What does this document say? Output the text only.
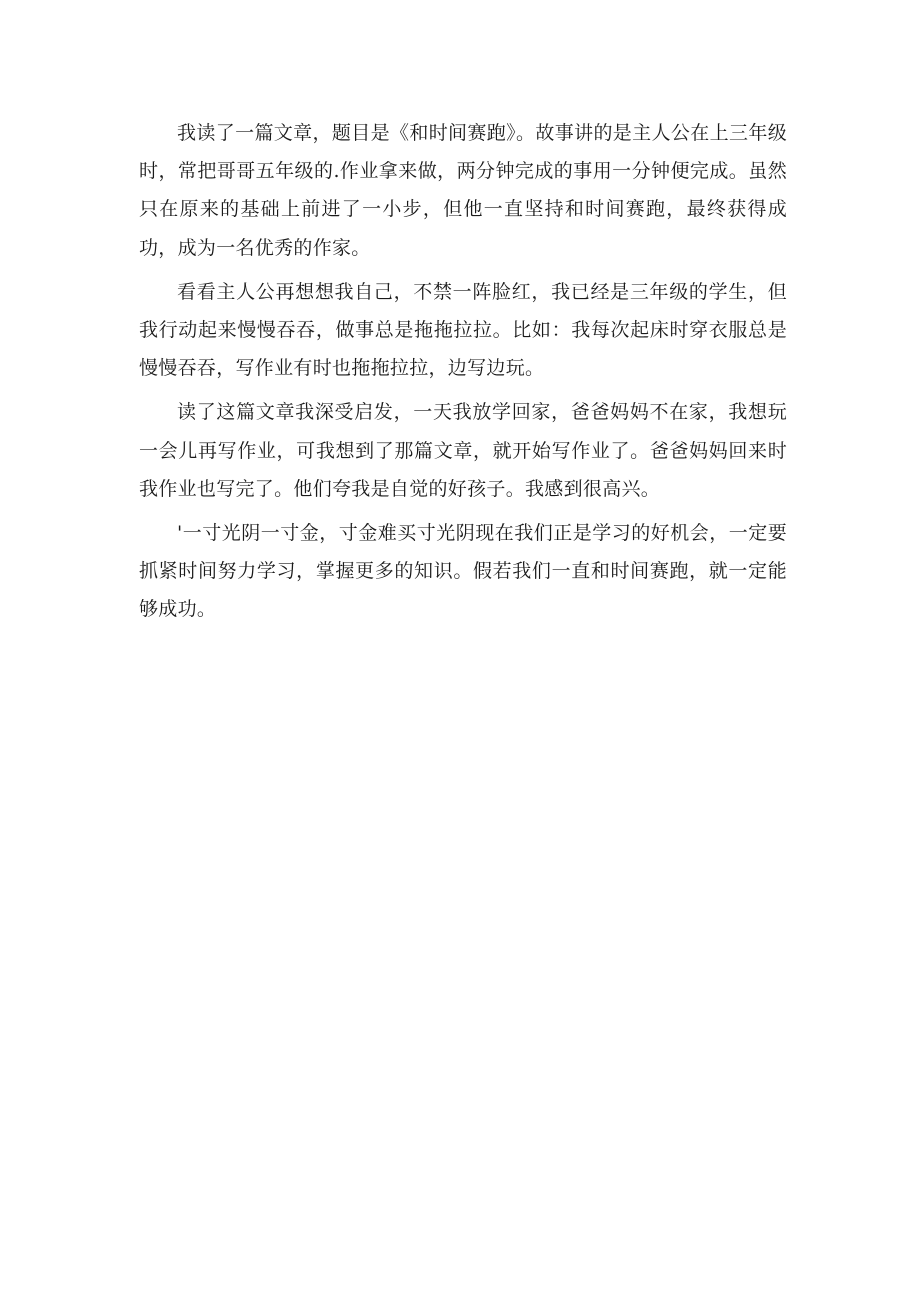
我读了一篇文章，题目是《和时间赛跑》。故事讲的是主人公在上三年级时，常把哥哥五年级的.作业拿来做，两分钟完成的事用一分钟便完成。虽然只在原来的基础上前进了一小步，但他一直坚持和时间赛跑，最终获得成功，成为一名优秀的作家。

看看主人公再想想我自己，不禁一阵脸红，我已经是三年级的学生，但我行动起来慢慢吞吞，做事总是拖拖拉拉。比如：我每次起床时穿衣服总是慢慢吞吞，写作业有时也拖拖拉拉，边写边玩。

读了这篇文章我深受启发，一天我放学回家，爸爸妈妈不在家，我想玩一会儿再写作业，可我想到了那篇文章，就开始写作业了。爸爸妈妈回来时我作业也写完了。他们夸我是自觉的好孩子。我感到很高兴。

'一寸光阴一寸金，寸金难买寸光阴现在我们正是学习的好机会，一定要抓紧时间努力学习，掌握更多的知识。假若我们一直和时间赛跑，就一定能够成功。
